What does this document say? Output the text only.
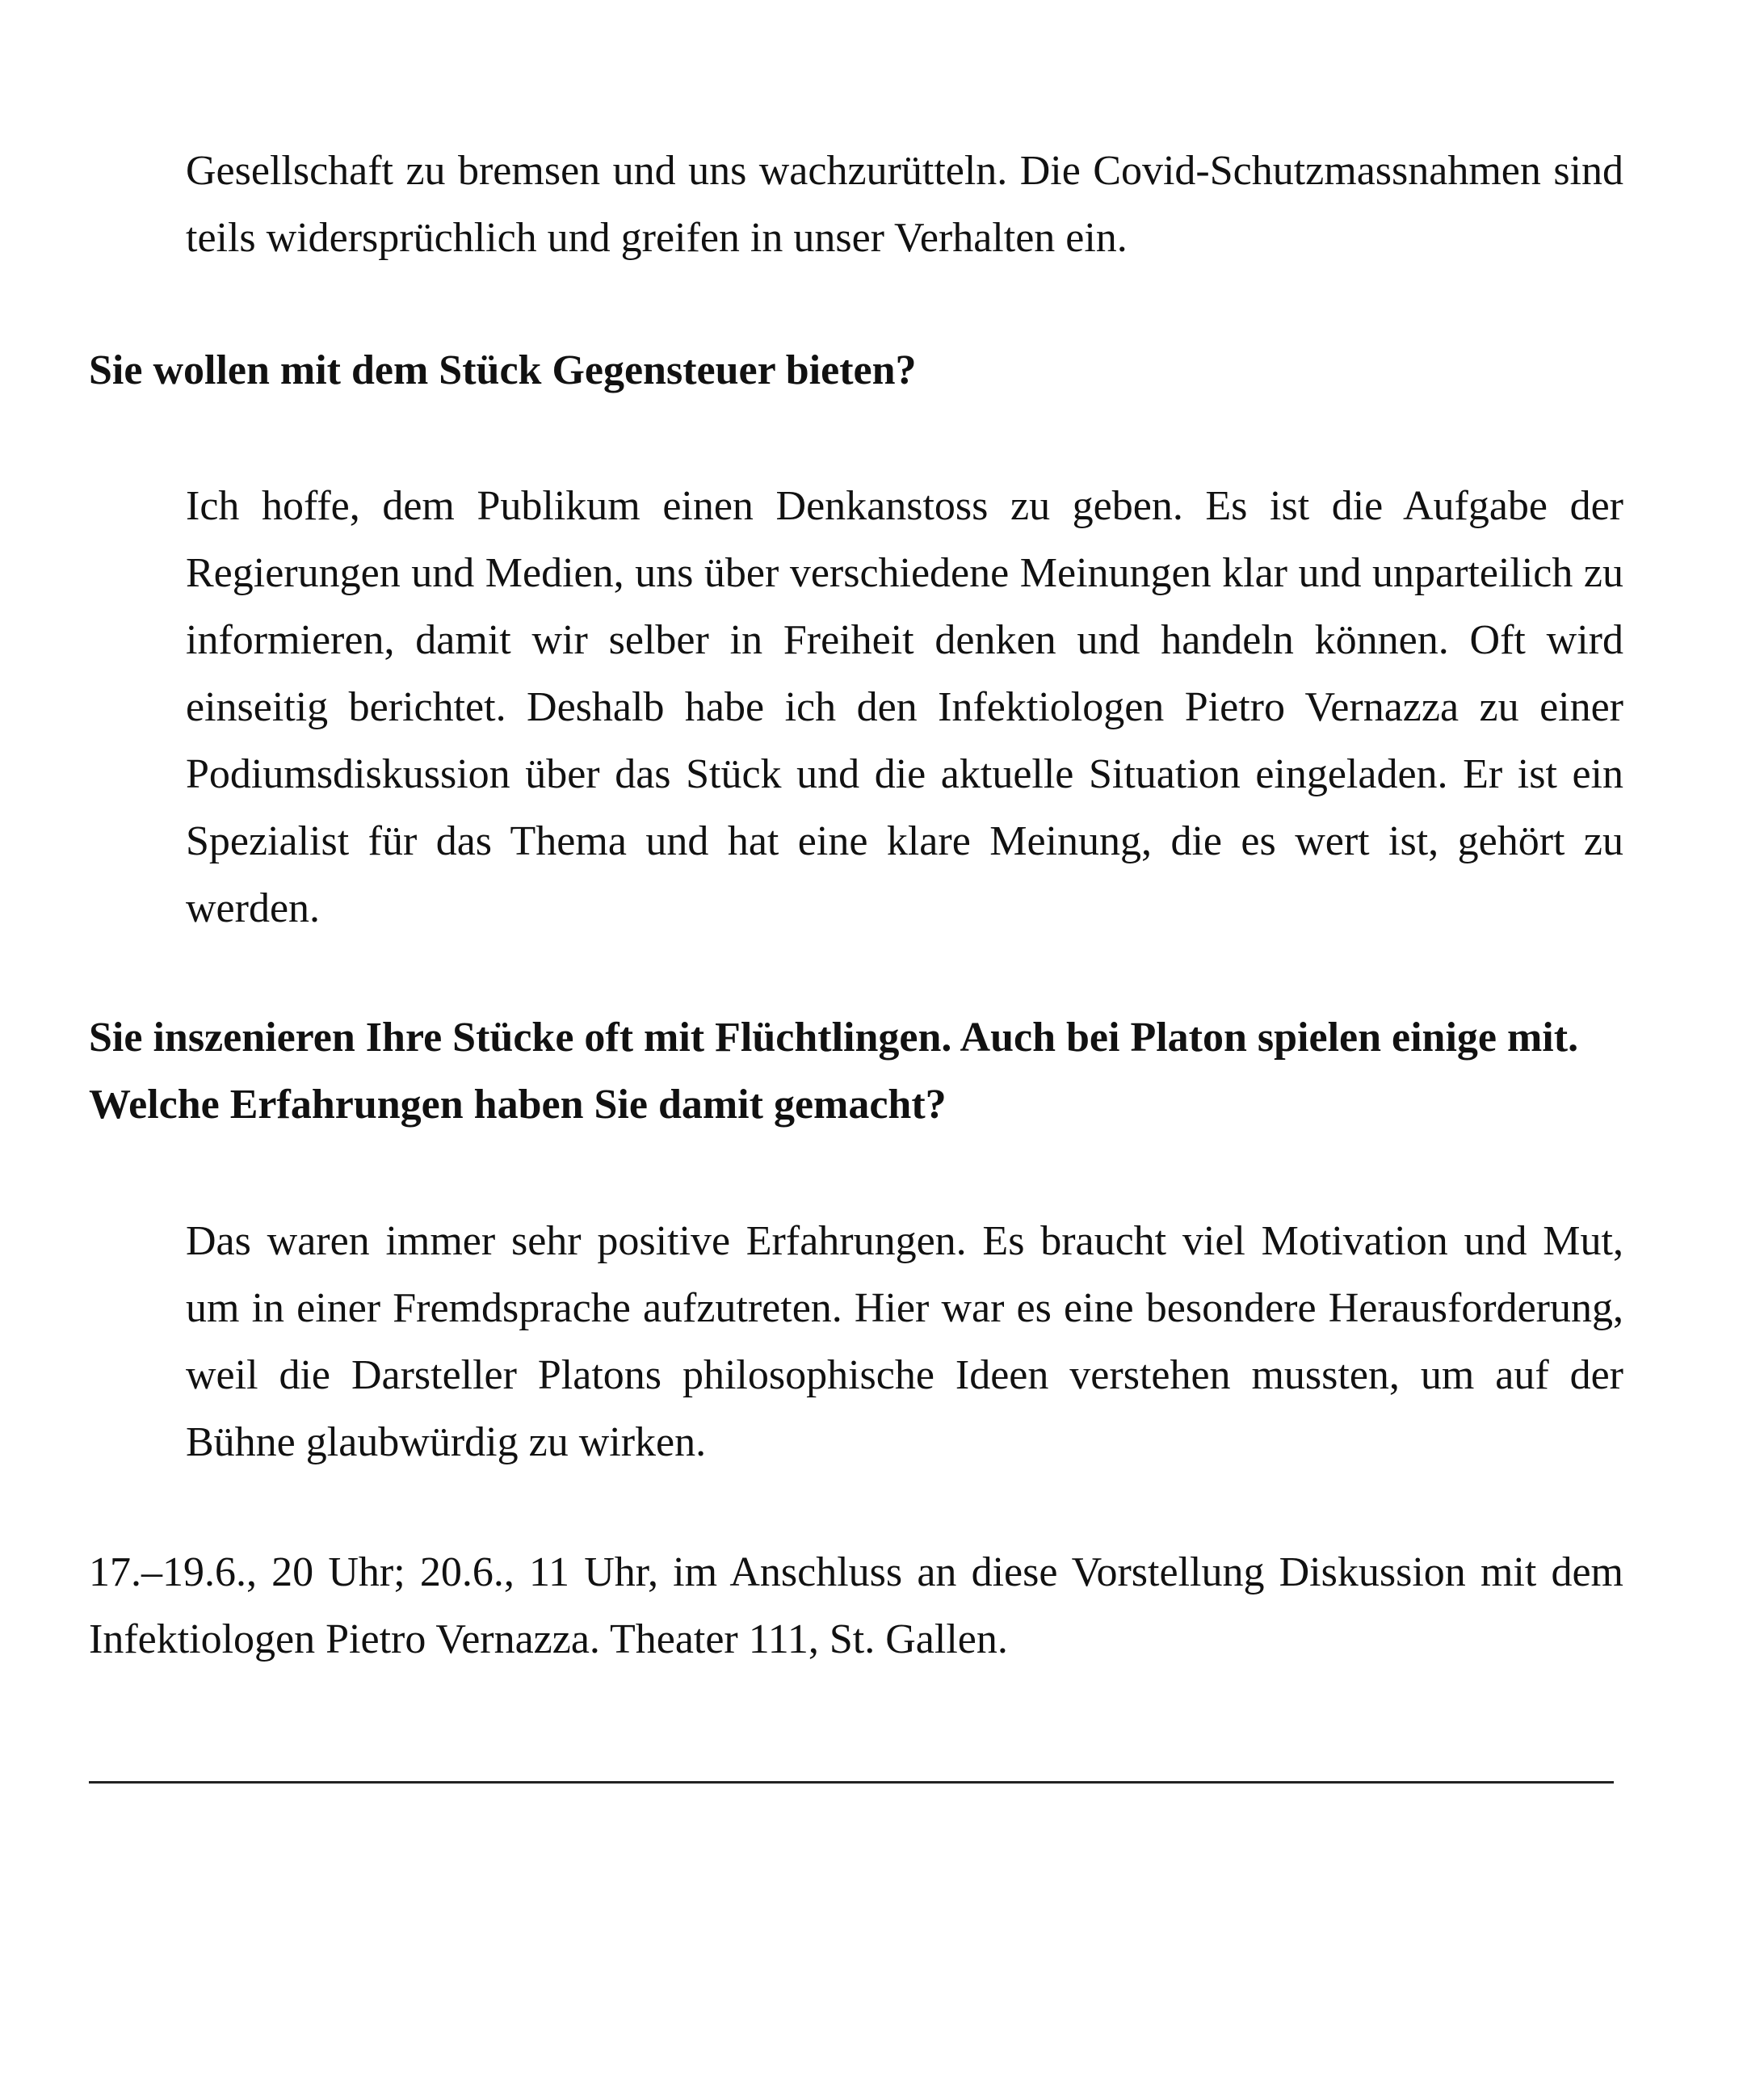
Gesellschaft zu bremsen und uns wachzurütteln. Die Covid-Schutzmassnahmen sind teils widersprüchlich und greifen in unser Verhalten ein.

Sie wollen mit dem Stück Gegensteuer bieten?

Ich hoffe, dem Publikum einen Denkanstoss zu geben. Es ist die Aufgabe der Regierungen und Medien, uns über verschiedene Meinungen klar und unparteilich zu informieren, damit wir selber in Freiheit denken und handeln können. Oft wird einseitig berichtet. Deshalb habe ich den Infektiologen Pietro Vernazza zu einer Podiumsdiskussion über das Stück und die aktuelle Situation eingeladen. Er ist ein Spezialist für das Thema und hat eine klare Meinung, die es wert ist, gehört zu werden.

Sie inszenieren Ihre Stücke oft mit Flüchtlingen. Auch bei Platon spielen einige mit. Welche Erfahrungen haben Sie damit gemacht?

Das waren immer sehr positive Erfahrungen. Es braucht viel Motivation und Mut, um in einer Fremdsprache aufzutreten. Hier war es eine besondere Herausforderung, weil die Darsteller Platons philosophische Ideen verstehen mussten, um auf der Bühne glaubwürdig zu wirken.

17.–19.6., 20 Uhr; 20.6., 11 Uhr, im Anschluss an diese Vorstellung Diskussion mit dem Infektiologen Pietro Vernazza. Theater 111, St. Gallen.
